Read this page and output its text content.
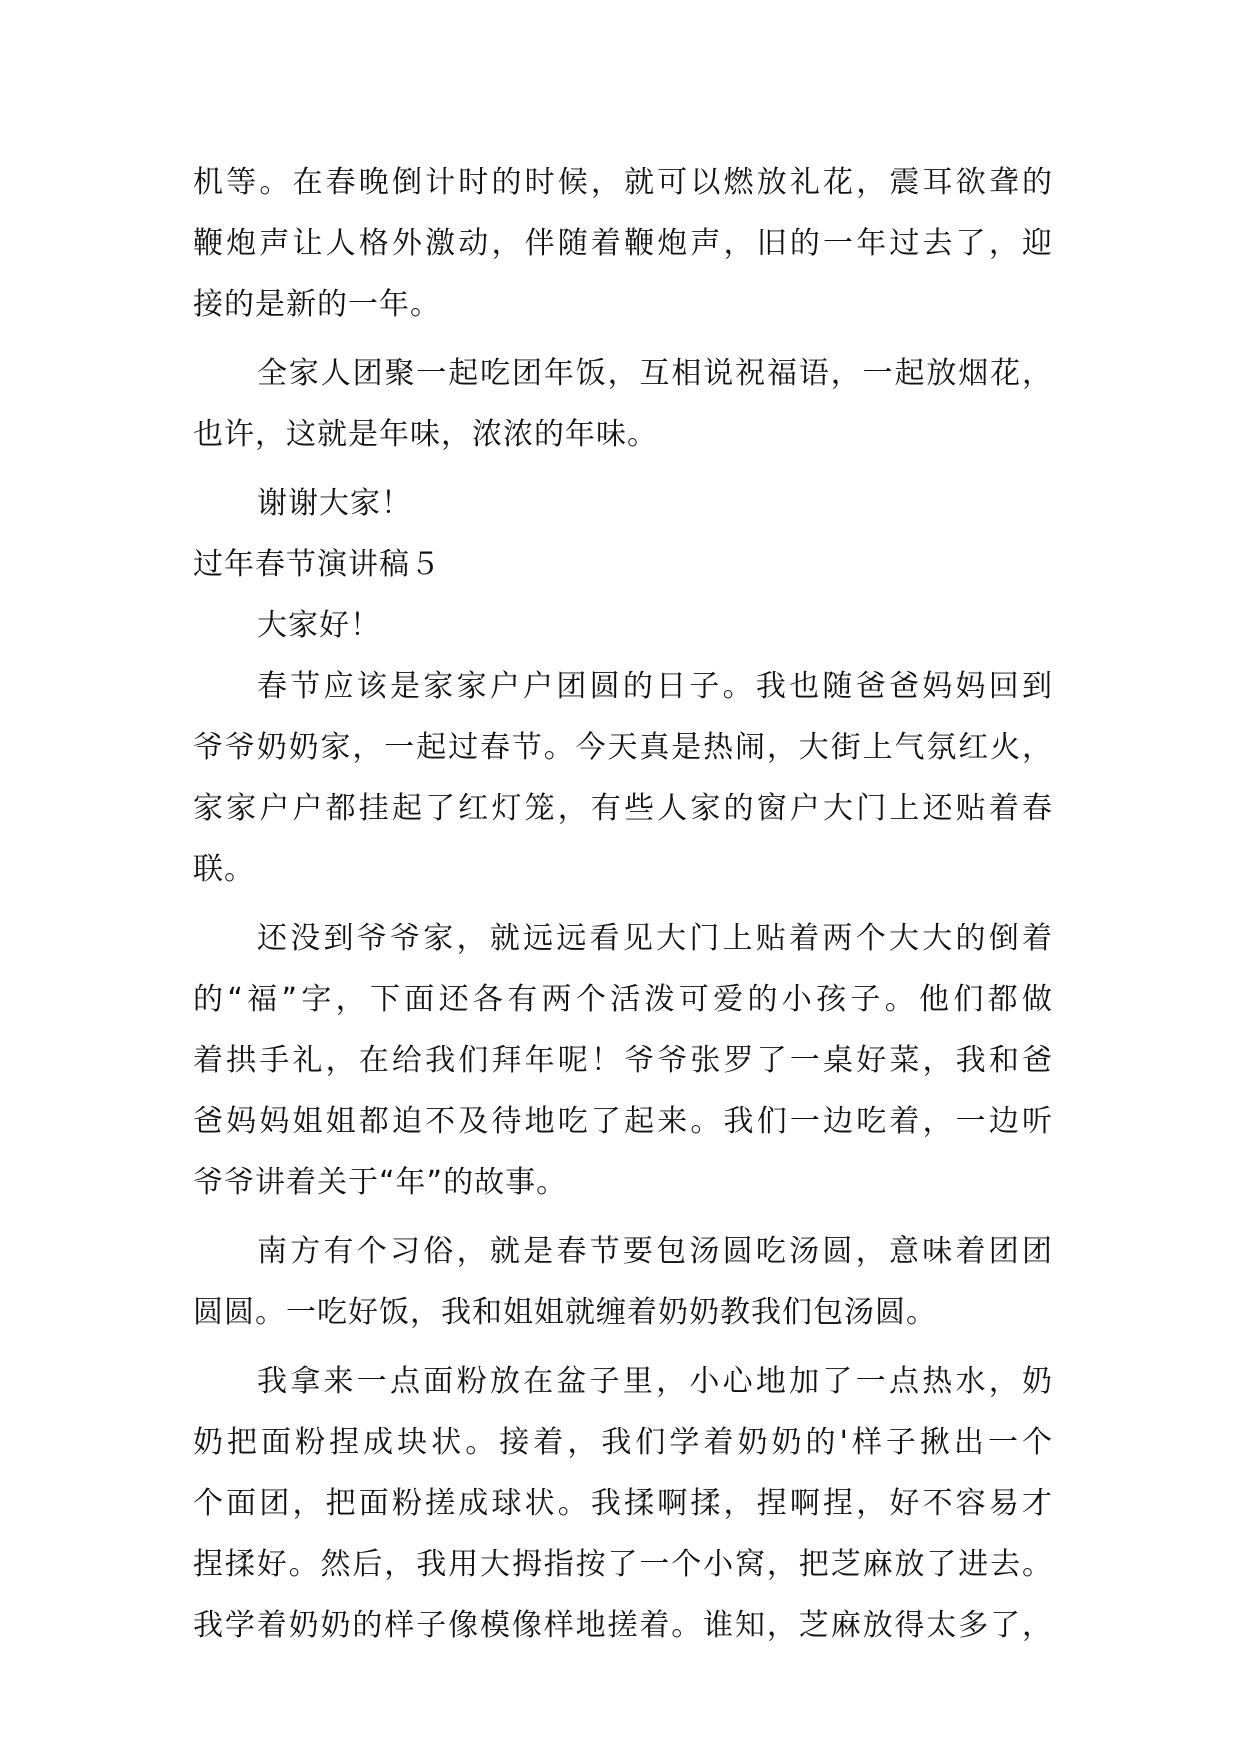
机等。在春晚倒计时的时候，就可以燃放礼花，震耳欲聋的
鞭炮声让人格外激动，伴随着鞭炮声，旧的一年过去了，迎
接的是新的一年。
全家人团聚一起吃团年饭，互相说祝福语，一起放烟花，
也许，这就是年味，浓浓的年味。
谢谢大家！
过年春节演讲稿５
大家好！
春节应该是家家户户团圆的日子。我也随爸爸妈妈回到
爷爷奶奶家，一起过春节。今天真是热闹，大街上气氛红火，
家家户户都挂起了红灯笼，有些人家的窗户大门上还贴着春
联。
还没到爷爷家，就远远看见大门上贴着两个大大的倒着
的“福”字，下面还各有两个活泼可爱的小孩子。他们都做
着拱手礼，在给我们拜年呢！爷爷张罗了一桌好菜，我和爸
爸妈妈姐姐都迫不及待地吃了起来。我们一边吃着，一边听
爷爷讲着关于“年”的故事。
南方有个习俗，就是春节要包汤圆吃汤圆，意味着团团
圆圆。一吃好饭，我和姐姐就缠着奶奶教我们包汤圆。
我拿来一点面粉放在盆子里，小心地加了一点热水，奶
奶把面粉捏成块状。接着，我们学着奶奶的'样子揪出一个
个面团，把面粉搓成球状。我揉啊揉，捏啊捏，好不容易才
捏揉好。然后，我用大拇指按了一个小窝，把芝麻放了进去。
我学着奶奶的样子像模像样地搓着。谁知，芝麻放得太多了，
